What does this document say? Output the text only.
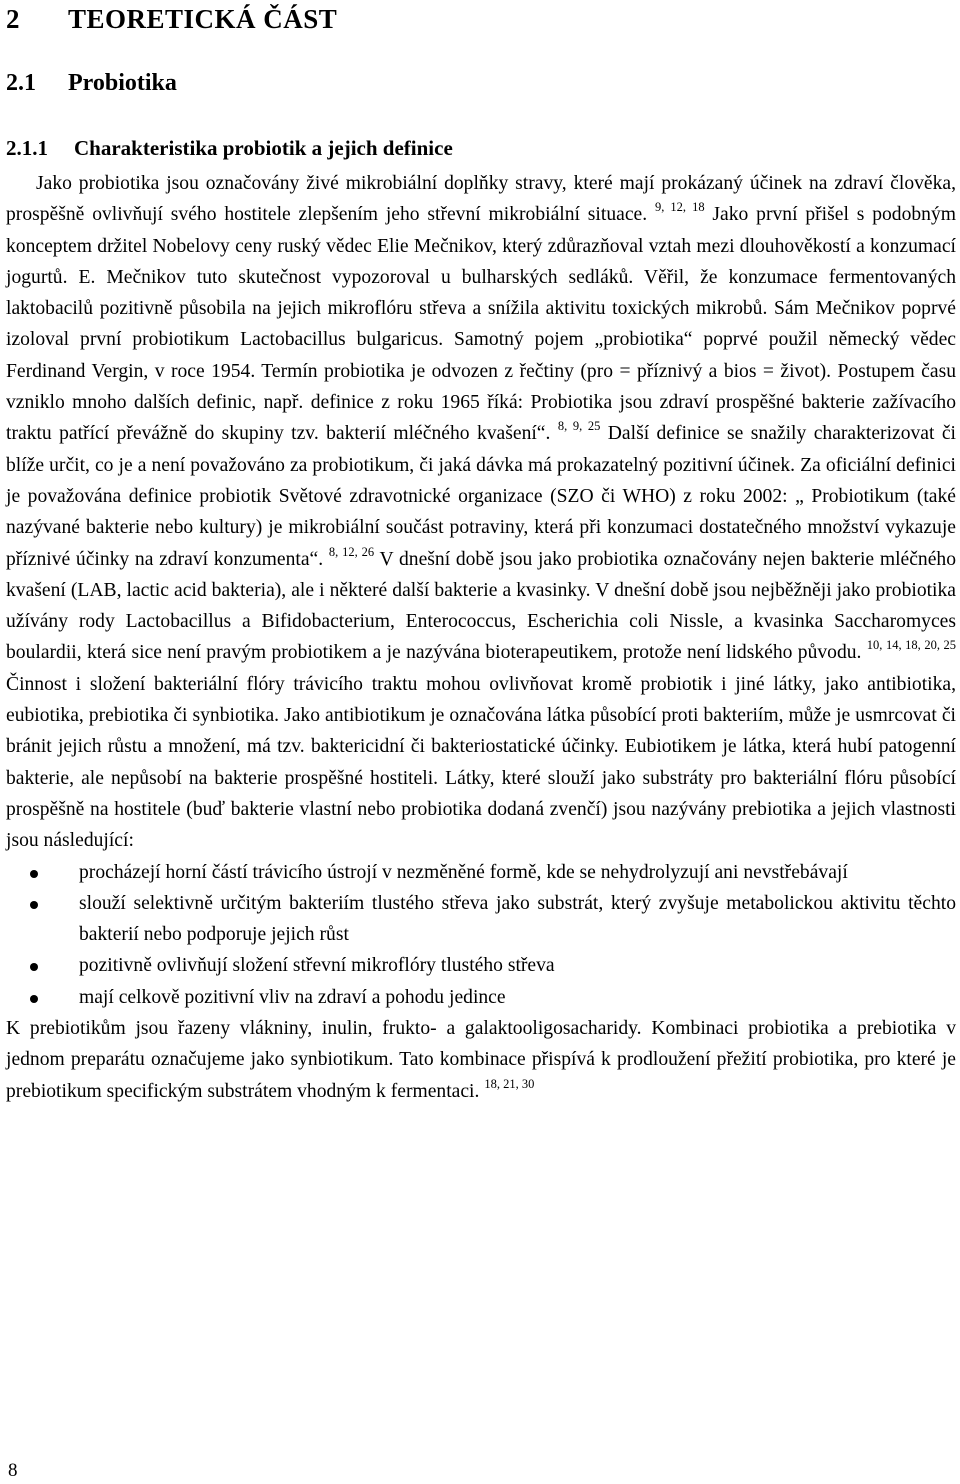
2 TEORETICKÁ ČÁST
2.1 Probiotika
2.1.1 Charakteristika probiotik a jejich definice

Jako probiotika jsou označovány živé mikrobiální doplňky stravy, které mají prokázaný účinek na zdraví člověka, prospěšně ovlivňují svého hostitele zlepšením jeho střevní mikrobiální situace. $^{9, 12, 18}$ Jako první přišel s podobným konceptem držitel Nobelovy ceny ruský vědec Elie Mečnikov, který zdůrazňoval vztah mezi dlouhověkostí a konzumací jogurtů. E. Mečnikov tuto skutečnost vypozoroval u bulharských sedláků. Věřil, že konzumace fermentovaných laktobacilů pozitivně působila na jejich mikroflóru střeva a snížila aktivitu toxických mikrobů. Sám Mečnikov poprvé izoloval první probiotikum Lactobacillus bulgaricus. Samotný pojem „probiotika“ poprvé použil německý vědec Ferdinand Vergin, v roce 1954. Termín probiotika je odvozen z řečtiny (pro = příznivý a bios = život). Postupem času vzniklo mnoho dalších definic, např. definice z roku 1965 říká: Probiotika jsou zdraví prospěšné bakterie zažívacího traktu patřící převážně do skupiny tzv. bakterií mléčného kvašení“. $^{8, 9, 25}$ Další definice se snažily charakterizovat či blíže určit, co je a není považováno za probiotikum, či jaká dávka má prokazatelný pozitivní účinek. Za oficiální definici je považována definice probiotik Světové zdravotnické organizace (SZO či WHO) z roku 2002: „ Probiotikum (také nazývané bakterie nebo kultury) je mikrobiální součást potraviny, která při konzumaci dostatečného množství vykazuje příznivé účinky na zdraví konzumenta“. $^{8, 12, 26}$ V dnešní době jsou jako probiotika označovány nejen bakterie mléčného kvašení (LAB, lactic acid bakteria), ale i některé další bakterie a kvasinky. V dnešní době jsou nejběžněji jako probiotika užívány rody Lactobacillus a Bifidobacterium, Enterococcus, Escherichia coli Nissle, a kvasinka Saccharomyces boulardii, která sice není pravým probiotikem a je nazývána bioterapeutikem, protože není lidského původu. $^{10, 14, 18, 20, 25}$ Činnost i složení bakteriální flóry trávicího traktu mohou ovlivňovat kromě probiotik i jiné látky, jako antibiotika, eubiotika, prebiotika či synbiotika. Jako antibiotikum je označována látka působící proti bakteriím, může je usmrcovat či bránit jejich růstu a množení, má tzv. baktericidní či bakteriostatické účinky. Eubiotikem je látka, která hubí patogenní bakterie, ale nepůsobí na bakterie prospěšné hostiteli. Látky, které slouží jako substráty pro bakteriální flóru působící prospěšně na hostitele (buď bakterie vlastní nebo probiotika dodaná zvenčí) jsou nazývány prebiotika a jejich vlastnosti jsou následující:

procházejí horní částí trávicího ústrojí v nezměněné formě, kde se nehydrolyzují ani nevstřebávají
slouží selektivně určitým bakteriím tlustého střeva jako substrát, který zvyšuje metabolickou aktivitu těchto bakterií nebo podporuje jejich růst
pozitivně ovlivňují složení střevní mikroflóry tlustého střeva
mají celkově pozitivní vliv na zdraví a pohodu jedince

K prebiotikům jsou řazeny vlákniny, inulin, frukto- a galaktooligosacharidy. Kombinaci probiotika a prebiotika v jednom preparátu označujeme jako synbiotikum. Tato kombinace přispívá k prodloužení přežití probiotika, pro které je prebiotikum specifickým substrátem vhodným k fermentaci. $^{18, 21, 30}$

8
